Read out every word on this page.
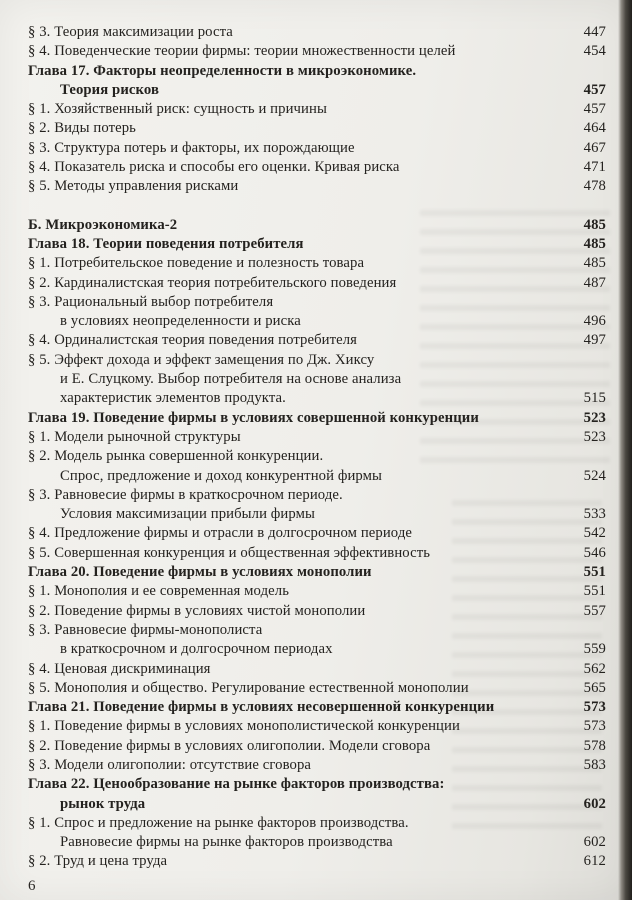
§ 3. Теория максимизации роста	447
§ 4. Поведенческие теории фирмы: теории множественности целей	454
Глава 17. Факторы неопределенности в микроэкономике.
Теория рисков	457
§ 1. Хозяйственный риск: сущность и причины	457
§ 2. Виды потерь	464
§ 3. Структура потерь и факторы, их порождающие	467
§ 4. Показатель риска и способы его оценки. Кривая риска	471
§ 5. Методы управления рисками	478
Б. Микроэкономика-2	485
Глава 18. Теории поведения потребителя	485
§ 1. Потребительское поведение и полезность товара	485
§ 2. Кардиналистская теория потребительского поведения	487
§ 3. Рациональный выбор потребителя
в условиях неопределенности и риска	496
§ 4. Ординалистская теория поведения потребителя	497
§ 5. Эффект дохода и эффект замещения по Дж. Хиксу
и Е. Слуцкому. Выбор потребителя на основе анализа
характеристик элементов продукта.	515
Глава 19. Поведение фирмы в условиях совершенной конкуренции	523
§ 1. Модели рыночной структуры	523
§ 2. Модель рынка совершенной конкуренции.
Спрос, предложение и доход конкурентной фирмы	524
§ 3. Равновесие фирмы в краткосрочном периоде.
Условия максимизации прибыли фирмы	533
§ 4. Предложение фирмы и отрасли в долгосрочном периоде	542
§ 5. Совершенная конкуренция и общественная эффективность	546
Глава 20. Поведение фирмы в условиях монополии	551
§ 1. Монополия и ее современная модель	551
§ 2. Поведение фирмы в условиях чистой монополии	557
§ 3. Равновесие фирмы-монополиста
в краткосрочном и долгосрочном периодах	559
§ 4. Ценовая дискриминация	562
§ 5. Монополия и общество. Регулирование естественной монополии	565
Глава 21. Поведение фирмы в условиях несовершенной конкуренции	573
§ 1. Поведение фирмы в условиях монополистической конкуренции	573
§ 2. Поведение фирмы в условиях олигополии. Модели сговора	578
§ 3. Модели олигополии: отсутствие сговора	583
Глава 22. Ценообразование на рынке факторов производства:
рынок труда	602
§ 1. Спрос и предложение на рынке факторов производства.
Равновесие фирмы на рынке факторов производства	602
§ 2. Труд и цена труда	612
6
